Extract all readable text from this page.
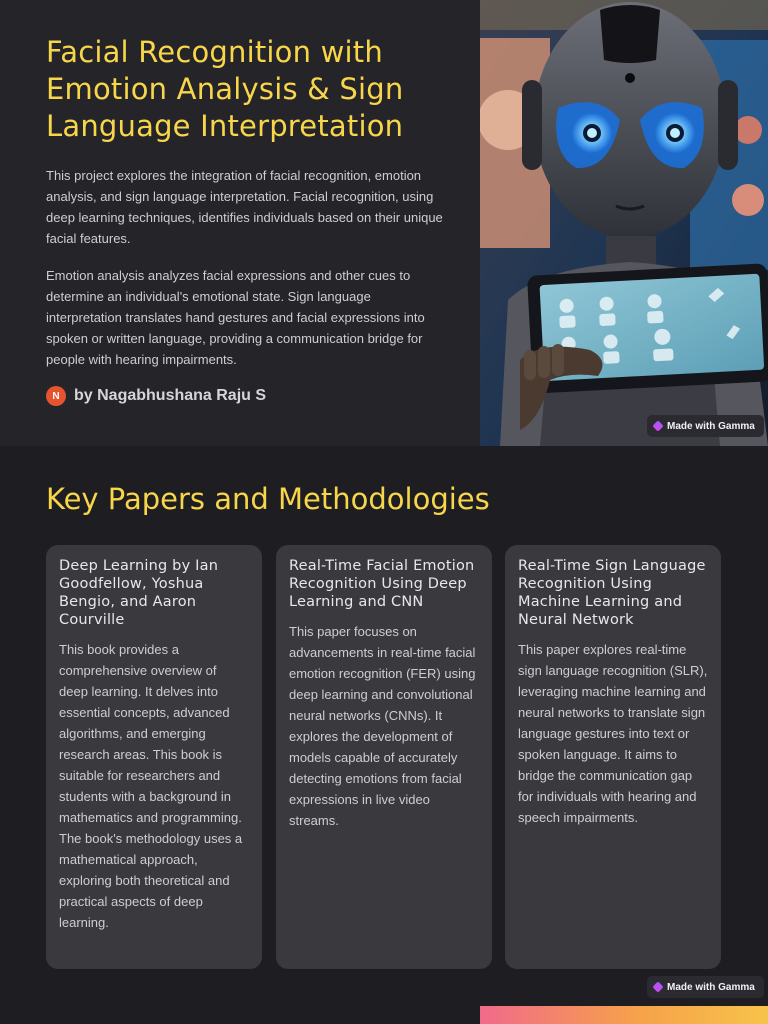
Facial Recognition with Emotion Analysis & Sign Language Interpretation

This project explores the integration of facial recognition, emotion analysis, and sign language interpretation. Facial recognition, using deep learning techniques, identifies individuals based on their unique facial features.

Emotion analysis analyzes facial expressions and other cues to determine an individual's emotional state. Sign language interpretation translates hand gestures and facial expressions into spoken or written language, providing a communication bridge for people with hearing impairments.

N by Nagabhushana Raju S
Made with Gamma
Key Papers and Methodologies
Deep Learning by Ian Goodfellow, Yoshua Bengio, and Aaron Courville

This book provides a comprehensive overview of deep learning. It delves into essential concepts, advanced algorithms, and emerging research areas. This book is suitable for researchers and students with a background in mathematics and programming. The book's methodology uses a mathematical approach, exploring both theoretical and practical aspects of deep learning.

Real-Time Facial Emotion Recognition Using Deep Learning and CNN

This paper focuses on advancements in real-time facial emotion recognition (FER) using deep learning and convolutional neural networks (CNNs). It explores the development of models capable of accurately detecting emotions from facial expressions in live video streams.

Real-Time Sign Language Recognition Using Machine Learning and Neural Network

This paper explores real-time sign language recognition (SLR), leveraging machine learning and neural networks to translate sign language gestures into text or spoken language. It aims to bridge the communication gap for individuals with hearing and speech impairments.

Made with Gamma
